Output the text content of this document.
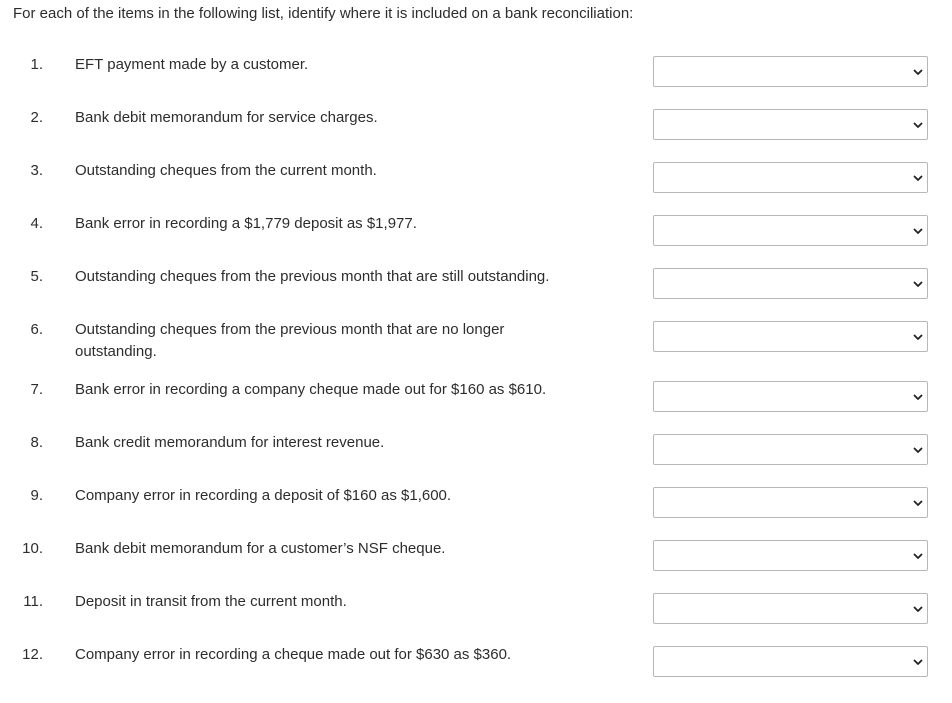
For each of the items in the following list, identify where it is included on a bank reconciliation:
1. EFT payment made by a customer.
2. Bank debit memorandum for service charges.
3. Outstanding cheques from the current month.
4. Bank error in recording a $1,779 deposit as $1,977.
5. Outstanding cheques from the previous month that are still outstanding.
6. Outstanding cheques from the previous month that are no longer outstanding.
7. Bank error in recording a company cheque made out for $160 as $610.
8. Bank credit memorandum for interest revenue.
9. Company error in recording a deposit of $160 as $1,600.
10. Bank debit memorandum for a customer’s NSF cheque.
11. Deposit in transit from the current month.
12. Company error in recording a cheque made out for $630 as $360.
